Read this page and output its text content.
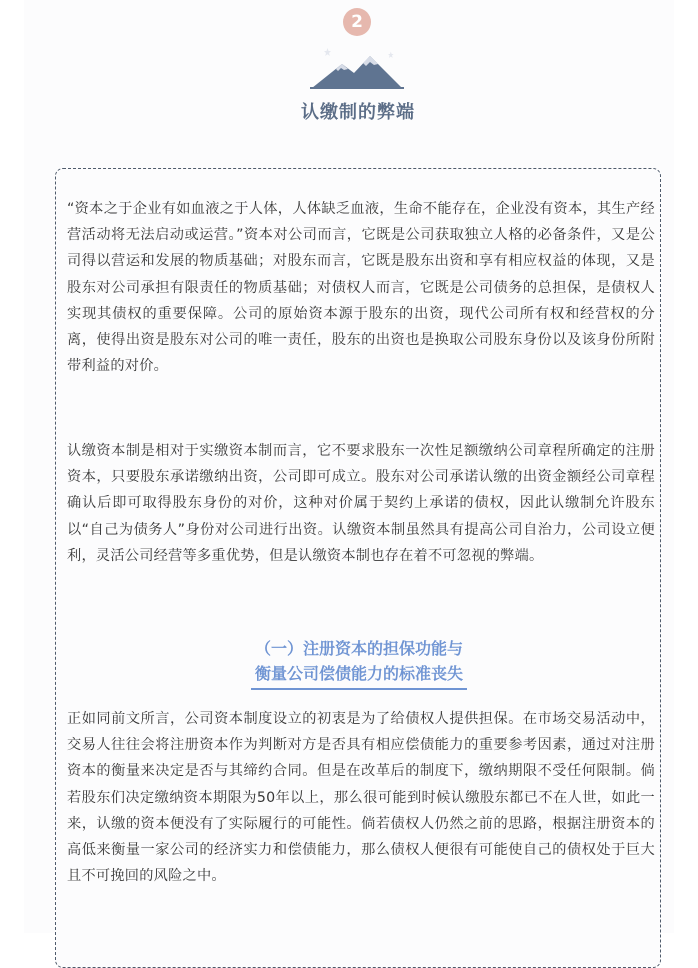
2
认缴制的弊端
“资本之于企业有如血液之于人体，人体缺乏血液，生命不能存在，企业没有资本，其生产经营活动将无法启动或运营。”资本对公司而言，它既是公司获取独立人格的必备条件，又是公司得以营运和发展的物质基础；对股东而言，它既是股东出资和享有相应权益的体现，又是股东对公司承担有限责任的物质基础；对债权人而言，它既是公司债务的总担保，是债权人实现其债权的重要保障。公司的原始资本源于股东的出资，现代公司所有权和经营权的分离，使得出资是股东对公司的唯一责任，股东的出资也是换取公司股东身份以及该身份所附带利益的对价。
认缴资本制是相对于实缴资本制而言，它不要求股东一次性足额缴纳公司章程所确定的注册资本，只要股东承诺缴纳出资，公司即可成立。股东对公司承诺认缴的出资金额经公司章程确认后即可取得股东身份的对价，这种对价属于契约上承诺的债权，因此认缴制允许股东以“自己为债务人”身份对公司进行出资。认缴资本制虽然具有提高公司自治力，公司设立便利，灵活公司经营等多重优势，但是认缴资本制也存在着不可忽视的弊端。
（一）注册资本的担保功能与
衡量公司偿债能力的标准丧失
正如同前文所言，公司资本制度设立的初衷是为了给债权人提供担保。在市场交易活动中，交易人往往会将注册资本作为判断对方是否具有相应偿债能力的重要参考因素，通过对注册资本的衡量来决定是否与其缔约合同。但是在改革后的制度下，缴纳期限不受任何限制。倘若股东们决定缴纳资本期限为50年以上，那么很可能到时候认缴股东都已不在人世，如此一来，认缴的资本便没有了实际履行的可能性。倘若债权人仍然之前的思路，根据注册资本的高低来衡量一家公司的经济实力和偿债能力，那么债权人便很有可能使自己的债权处于巨大且不可挽回的风险之中。
